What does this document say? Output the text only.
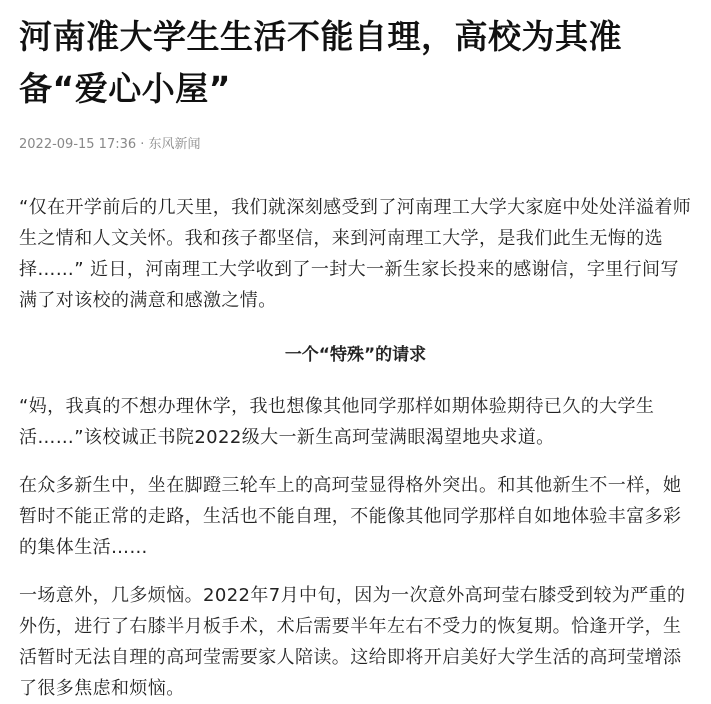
河南准大学生生活不能自理，高校为其准备“爱心小屋”
2022-09-15 17:36 · 东风新闻

“仅在开学前后的几天里，我们就深刻感受到了河南理工大学大家庭中处处洋溢着师生之情和人文关怀。我和孩子都坚信，来到河南理工大学，是我们此生无悔的选择……” 近日，河南理工大学收到了一封大一新生家长投来的感谢信，字里行间写满了对该校的满意和感激之情。

一个“特殊”的请求

“妈，我真的不想办理休学，我也想像其他同学那样如期体验期待已久的大学生活……”该校诚正书院2022级大一新生高珂莹满眼渴望地央求道。

在众多新生中，坐在脚蹬三轮车上的高珂莹显得格外突出。和其他新生不一样，她暂时不能正常的走路，生活也不能自理，不能像其他同学那样自如地体验丰富多彩的集体生活……

一场意外，几多烦恼。2022年7月中旬，因为一次意外高珂莹右膝受到较为严重的外伤，进行了右膝半月板手术，术后需要半年左右不受力的恢复期。恰逢开学，生活暂时无法自理的高珂莹需要家人陪读。这给即将开启美好大学生活的高珂莹增添了很多焦虑和烦恼。
